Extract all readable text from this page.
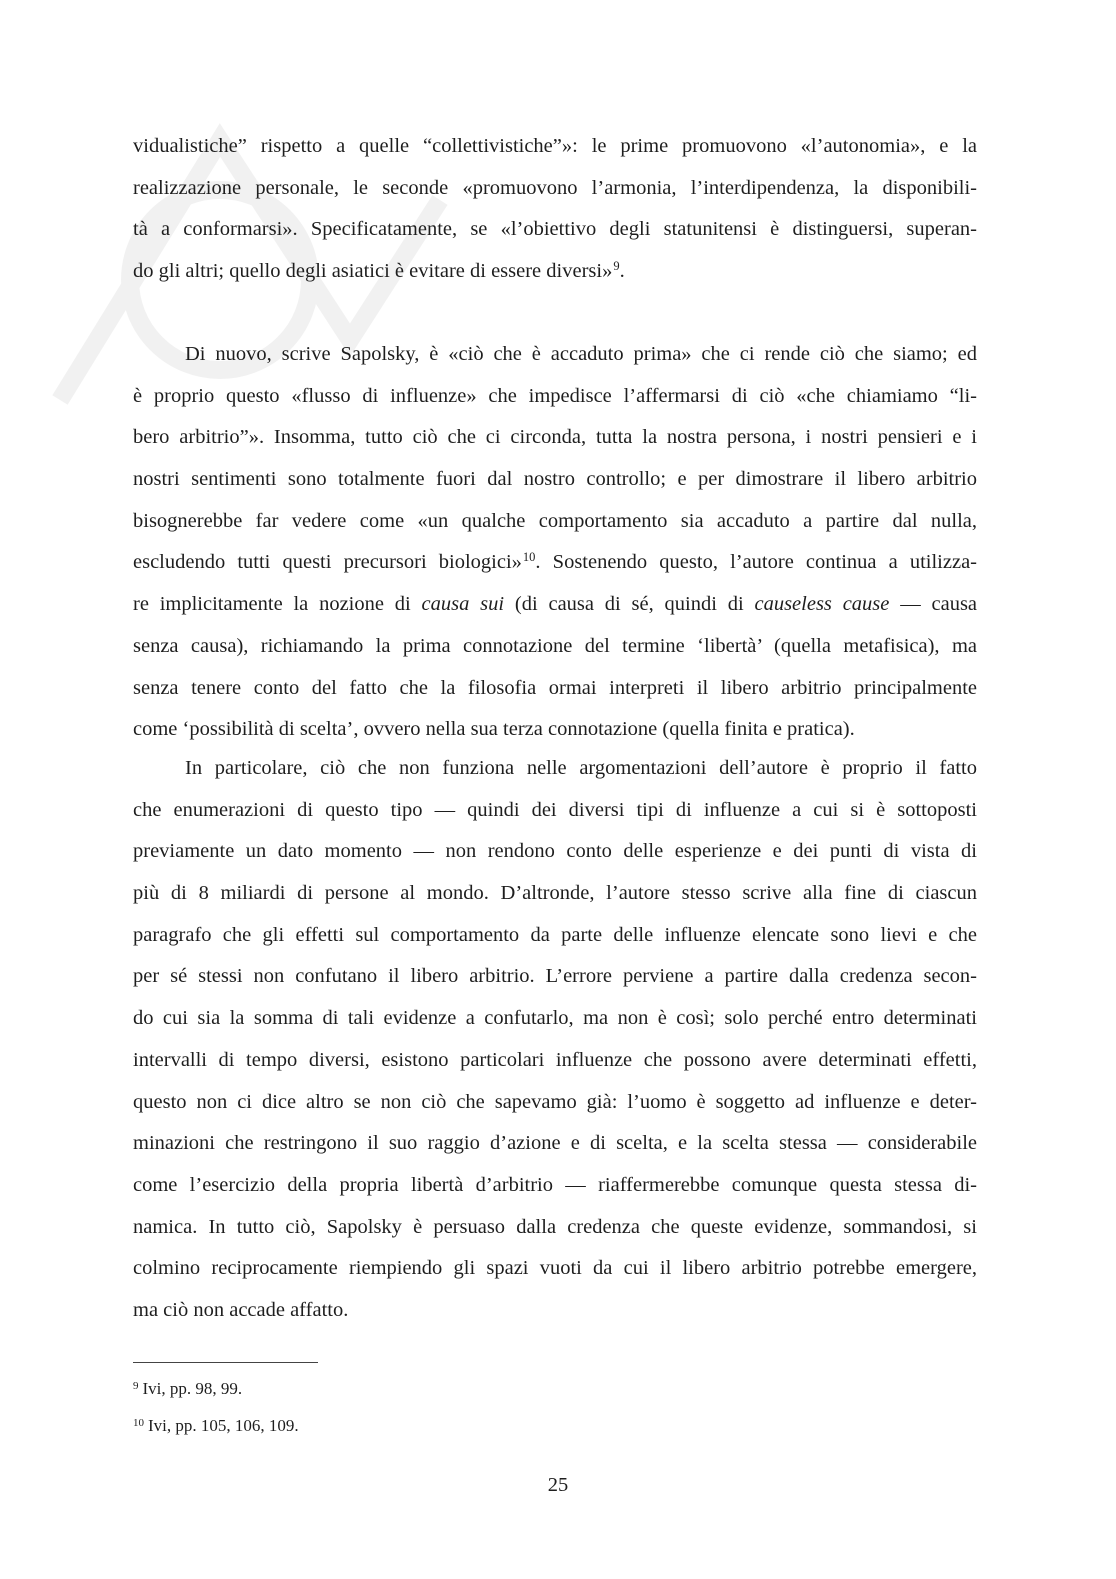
vidualistiche” rispetto a quelle “collettivistiche”»: le prime promuovono «l’autonomia», e la
realizzazione personale, le seconde «promuovono l’armonia, l’interdipendenza, la disponibili-
tà a conformarsi». Specificatamente, se «l’obiettivo degli statunitensi è distinguersi, superan-
do gli altri; quello degli asiatici è evitare di essere diversi»$^9$.
Di nuovo, scrive Sapolsky, è «ciò che è accaduto prima» che ci rende ciò che siamo; ed
è proprio questo «flusso di influenze» che impedisce l’affermarsi di ciò «che chiamiamo “li-
bero arbitrio”». Insomma, tutto ciò che ci circonda, tutta la nostra persona, i nostri pensieri e i
nostri sentimenti sono totalmente fuori dal nostro controllo; e per dimostrare il libero arbitrio
bisognerebbe far vedere come «un qualche comportamento sia accaduto a partire dal nulla,
escludendo tutti questi precursori biologici»$^{10}$. Sostenendo questo, l’autore continua a utilizza-
re implicitamente la nozione di causa sui (di causa di sé, quindi di causeless cause — causa
senza causa), richiamando la prima connotazione del termine ‘libertà’ (quella metafisica), ma
senza tenere conto del fatto che la filosofia ormai interpreti il libero arbitrio principalmente
come ‘possibilità di scelta’, ovvero nella sua terza connotazione (quella finita e pratica).
In particolare, ciò che non funziona nelle argomentazioni dell’autore è proprio il fatto
che enumerazioni di questo tipo — quindi dei diversi tipi di influenze a cui si è sottoposti
previamente un dato momento — non rendono conto delle esperienze e dei punti di vista di
più di 8 miliardi di persone al mondo. D’altronde, l’autore stesso scrive alla fine di ciascun
paragrafo che gli effetti sul comportamento da parte delle influenze elencate sono lievi e che
per sé stessi non confutano il libero arbitrio. L’errore perviene a partire dalla credenza secon-
do cui sia la somma di tali evidenze a confutarlo, ma non è così; solo perché entro determinati
intervalli di tempo diversi, esistono particolari influenze che possono avere determinati effetti,
questo non ci dice altro se non ciò che sapevamo già: l’uomo è soggetto ad influenze e deter-
minazioni che restringono il suo raggio d’azione e di scelta, e la scelta stessa — considerabile
come l’esercizio della propria libertà d’arbitrio — riaffermerebbe comunque questa stessa di-
namica. In tutto ciò, Sapolsky è persuaso dalla credenza che queste evidenze, sommandosi, si
colmino reciprocamente riempiendo gli spazi vuoti da cui il libero arbitrio potrebbe emergere,
ma ciò non accade affatto.
$^9$ Ivi, pp. 98, 99.
$^{10}$ Ivi, pp. 105, 106, 109.
25
